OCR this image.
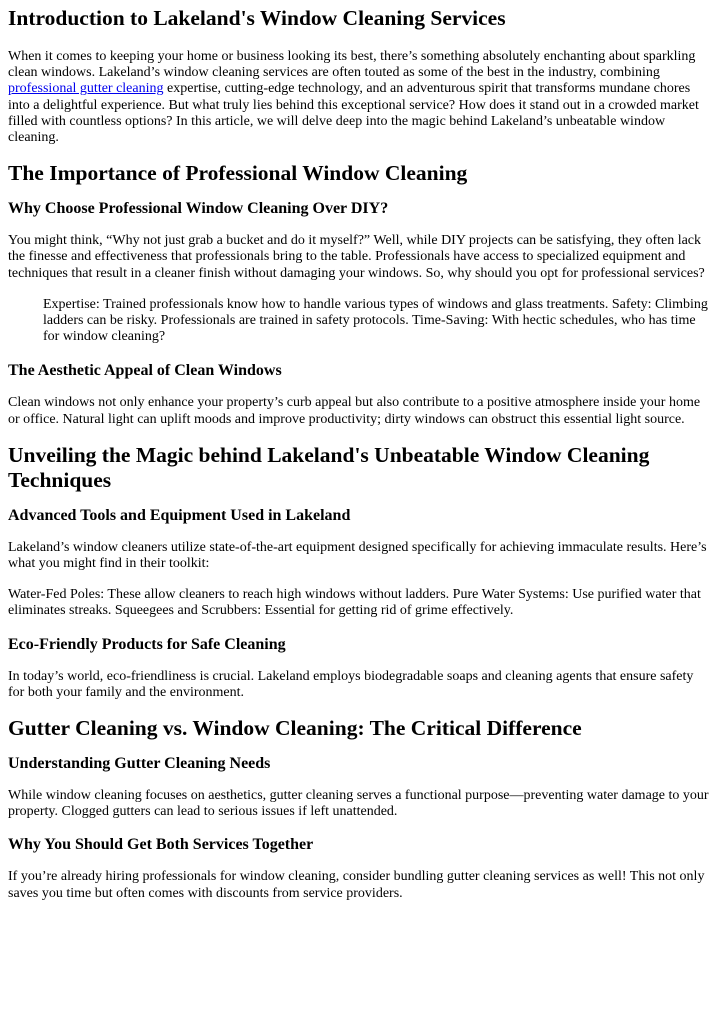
Introduction to Lakeland's Window Cleaning Services

When it comes to keeping your home or business looking its best, there’s something absolutely enchanting about sparkling clean windows. Lakeland’s window cleaning services are often touted as some of the best in the industry, combining professional gutter cleaning expertise, cutting-edge technology, and an adventurous spirit that transforms mundane chores into a delightful experience. But what truly lies behind this exceptional service? How does it stand out in a crowded market filled with countless options? In this article, we will delve deep into the magic behind Lakeland’s unbeatable window cleaning.

The Importance of Professional Window Cleaning
Why Choose Professional Window Cleaning Over DIY?

You might think, “Why not just grab a bucket and do it myself?” Well, while DIY projects can be satisfying, they often lack the finesse and effectiveness that professionals bring to the table. Professionals have access to specialized equipment and techniques that result in a cleaner finish without damaging your windows. So, why should you opt for professional services?

Expertise: Trained professionals know how to handle various types of windows and glass treatments. Safety: Climbing ladders can be risky. Professionals are trained in safety protocols. Time-Saving: With hectic schedules, who has time for window cleaning?
The Aesthetic Appeal of Clean Windows

Clean windows not only enhance your property’s curb appeal but also contribute to a positive atmosphere inside your home or office. Natural light can uplift moods and improve productivity; dirty windows can obstruct this essential light source.

Unveiling the Magic behind Lakeland's Unbeatable Window Cleaning Techniques
Advanced Tools and Equipment Used in Lakeland

Lakeland’s window cleaners utilize state-of-the-art equipment designed specifically for achieving immaculate results. Here’s what you might find in their toolkit:

Water-Fed Poles: These allow cleaners to reach high windows without ladders. Pure Water Systems: Use purified water that eliminates streaks. Squeegees and Scrubbers: Essential for getting rid of grime effectively.

Eco-Friendly Products for Safe Cleaning

In today’s world, eco-friendliness is crucial. Lakeland employs biodegradable soaps and cleaning agents that ensure safety for both your family and the environment.

Gutter Cleaning vs. Window Cleaning: The Critical Difference
Understanding Gutter Cleaning Needs

While window cleaning focuses on aesthetics, gutter cleaning serves a functional purpose—preventing water damage to your property. Clogged gutters can lead to serious issues if left unattended.

Why You Should Get Both Services Together

If you’re already hiring professionals for window cleaning, consider bundling gutter cleaning services as well! This not only saves you time but often comes with discounts from service providers.
